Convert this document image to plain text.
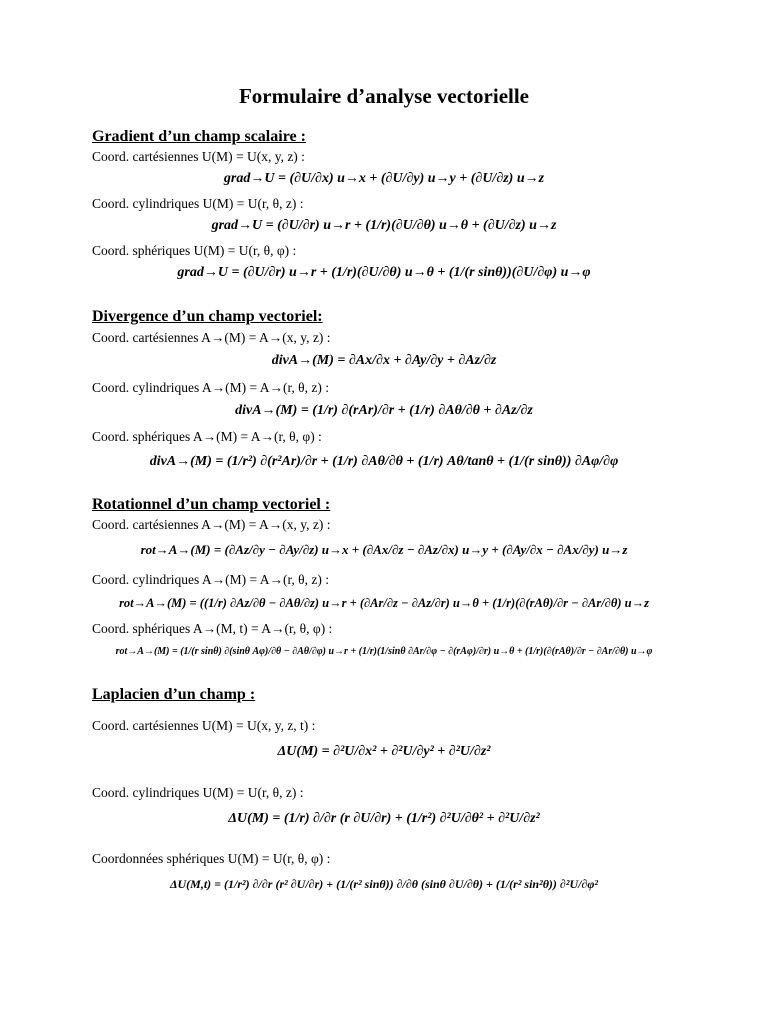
Formulaire d’analyse vectorielle
Gradient d’un champ scalaire :
Coord. cartésiennes U(M) = U(x, y, z) :
grad→U = (∂U/∂x) u→x + (∂U/∂y) u→y + (∂U/∂z) u→z
Coord. cylindriques U(M) = U(r, θ, z) :
grad→U = (∂U/∂r) u→r + (1/r)(∂U/∂θ) u→θ + (∂U/∂z) u→z
Coord. sphériques U(M) = U(r, θ, φ) :
grad→U = (∂U/∂r) u→r + (1/r)(∂U/∂θ) u→θ + (1/(r sinθ))(∂U/∂φ) u→φ
Divergence d’un champ vectoriel:
Coord. cartésiennes A→(M) = A→(x, y, z) :
divA→(M) = ∂Ax/∂x + ∂Ay/∂y + ∂Az/∂z
Coord. cylindriques A→(M) = A→(r, θ, z) :
divA→(M) = (1/r) ∂(rAr)/∂r + (1/r) ∂Aθ/∂θ + ∂Az/∂z
Coord. sphériques A→(M) = A→(r, θ, φ) :
divA→(M) = (1/r²) ∂(r²Ar)/∂r + (1/r) ∂Aθ/∂θ + (1/r) Aθ/tanθ + (1/(r sinθ)) ∂Aφ/∂φ
Rotationnel d’un champ vectoriel :
Coord. cartésiennes A→(M) = A→(x, y, z) :
rot→A→(M) = (∂Az/∂y − ∂Ay/∂z) u→x + (∂Ax/∂z − ∂Az/∂x) u→y + (∂Ay/∂x − ∂Ax/∂y) u→z
Coord. cylindriques A→(M) = A→(r, θ, z) :
rot→A→(M) = ((1/r) ∂Az/∂θ − ∂Aθ/∂z) u→r + (∂Ar/∂z − ∂Az/∂r) u→θ + (1/r)(∂(rAθ)/∂r − ∂Ar/∂θ) u→z
Coord. sphériques A→(M, t) = A→(r, θ, φ) :
rot→A→(M) = (1/(r sinθ) ∂(sinθ Aφ)/∂θ − ∂Aθ/∂φ) u→r + (1/r)(1/sinθ ∂Ar/∂φ − ∂(rAφ)/∂r) u→θ + (1/r)(∂(rAθ)/∂r − ∂Ar/∂θ) u→φ
Laplacien d’un champ :
Coord. cartésiennes U(M) = U(x, y, z, t) :
ΔU(M) = ∂²U/∂x² + ∂²U/∂y² + ∂²U/∂z²
Coord. cylindriques U(M) = U(r, θ, z) :
ΔU(M) = (1/r) ∂/∂r (r ∂U/∂r) + (1/r²) ∂²U/∂θ² + ∂²U/∂z²
Coordonnées sphériques U(M) = U(r, θ, φ) :
ΔU(M,t) = (1/r²) ∂/∂r (r² ∂U/∂r) + (1/(r² sinθ)) ∂/∂θ (sinθ ∂U/∂θ) + (1/(r² sin²θ)) ∂²U/∂φ²
